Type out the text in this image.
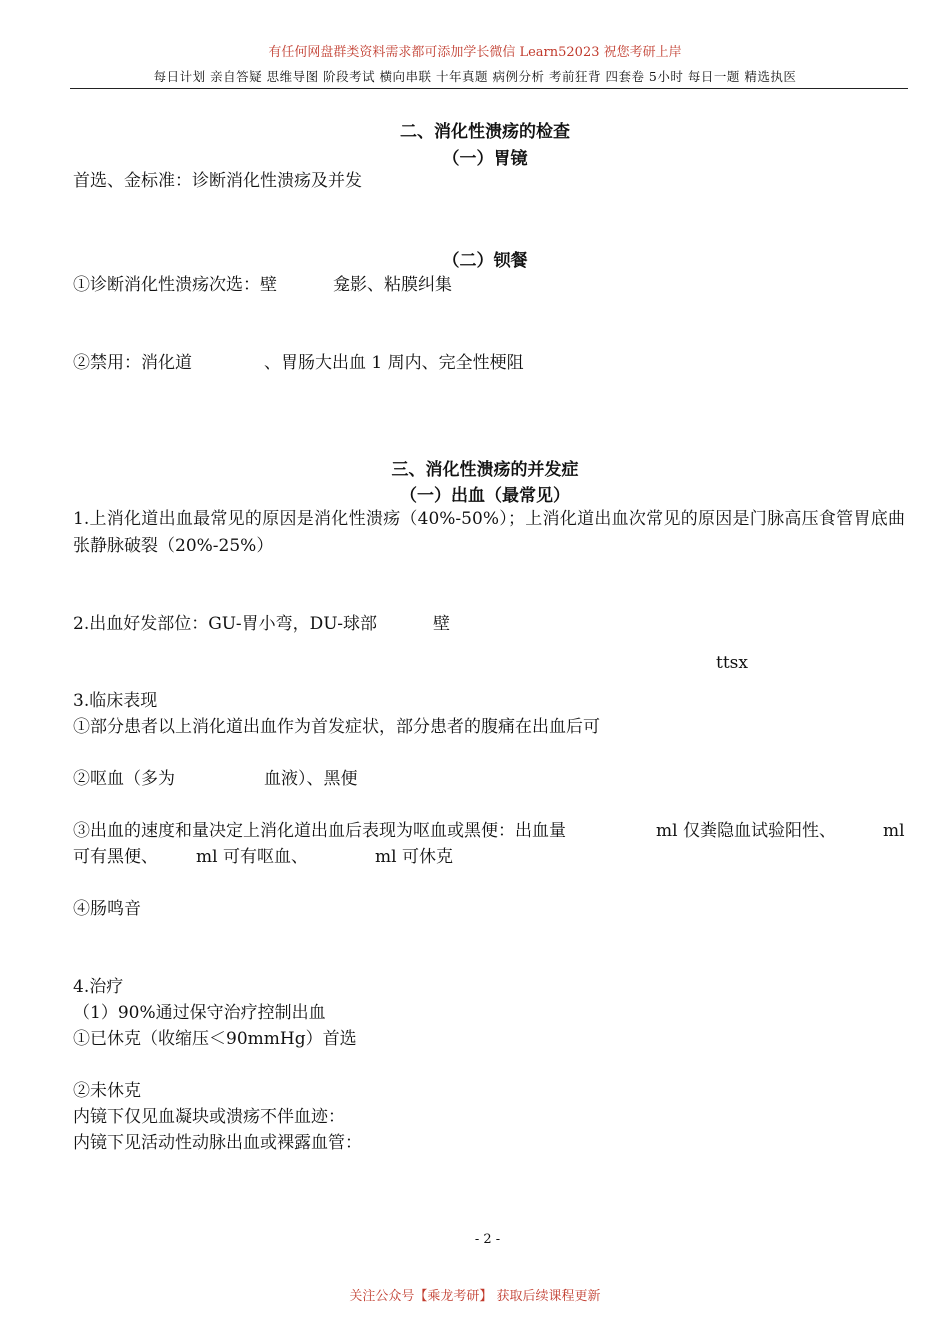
有任何网盘群类资料需求都可添加学长微信 Learn52023 祝您考研上岸
每日计划 亲自答疑 思维导图 阶段考试 横向串联 十年真题 病例分析 考前狂背 四套卷 5小时 每日一题 精选执医
二、消化性溃疡的检查
（一）胃镜
首选、金标准：诊断消化性溃疡及并发
（二）钡餐
①诊断消化性溃疡次选：壁	龛影、粘膜纠集
②禁用：消化道	、胃肠大出血 1 周内、完全性梗阻
三、消化性溃疡的并发症
（一）出血（最常见）
1.上消化道出血最常见的原因是消化性溃疡（40%-50%）；上消化道出血次常见的原因是门脉高压食管胃底曲张静脉破裂（20%-25%）
2.出血好发部位：GU-胃小弯，DU-球部	壁
ttsx
3.临床表现
①部分患者以上消化道出血作为首发症状，部分患者的腹痛在出血后可
②呕血（多为	血液）、黑便
③出血的速度和量决定上消化道出血后表现为呕血或黑便：出血量	ml 仅粪隐血试验阳性、	ml
可有黑便、 ml 可有呕血、	ml 可休克
④肠鸣音
4.治疗
（1）90%通过保守治疗控制出血
①已休克（收缩压＜90mmHg）首选
②未休克
内镜下仅见血凝块或溃疡不伴血迹：
内镜下见活动性动脉出血或裸露血管：
- 2 -
关注公众号【乘龙考研】 获取后续课程更新
